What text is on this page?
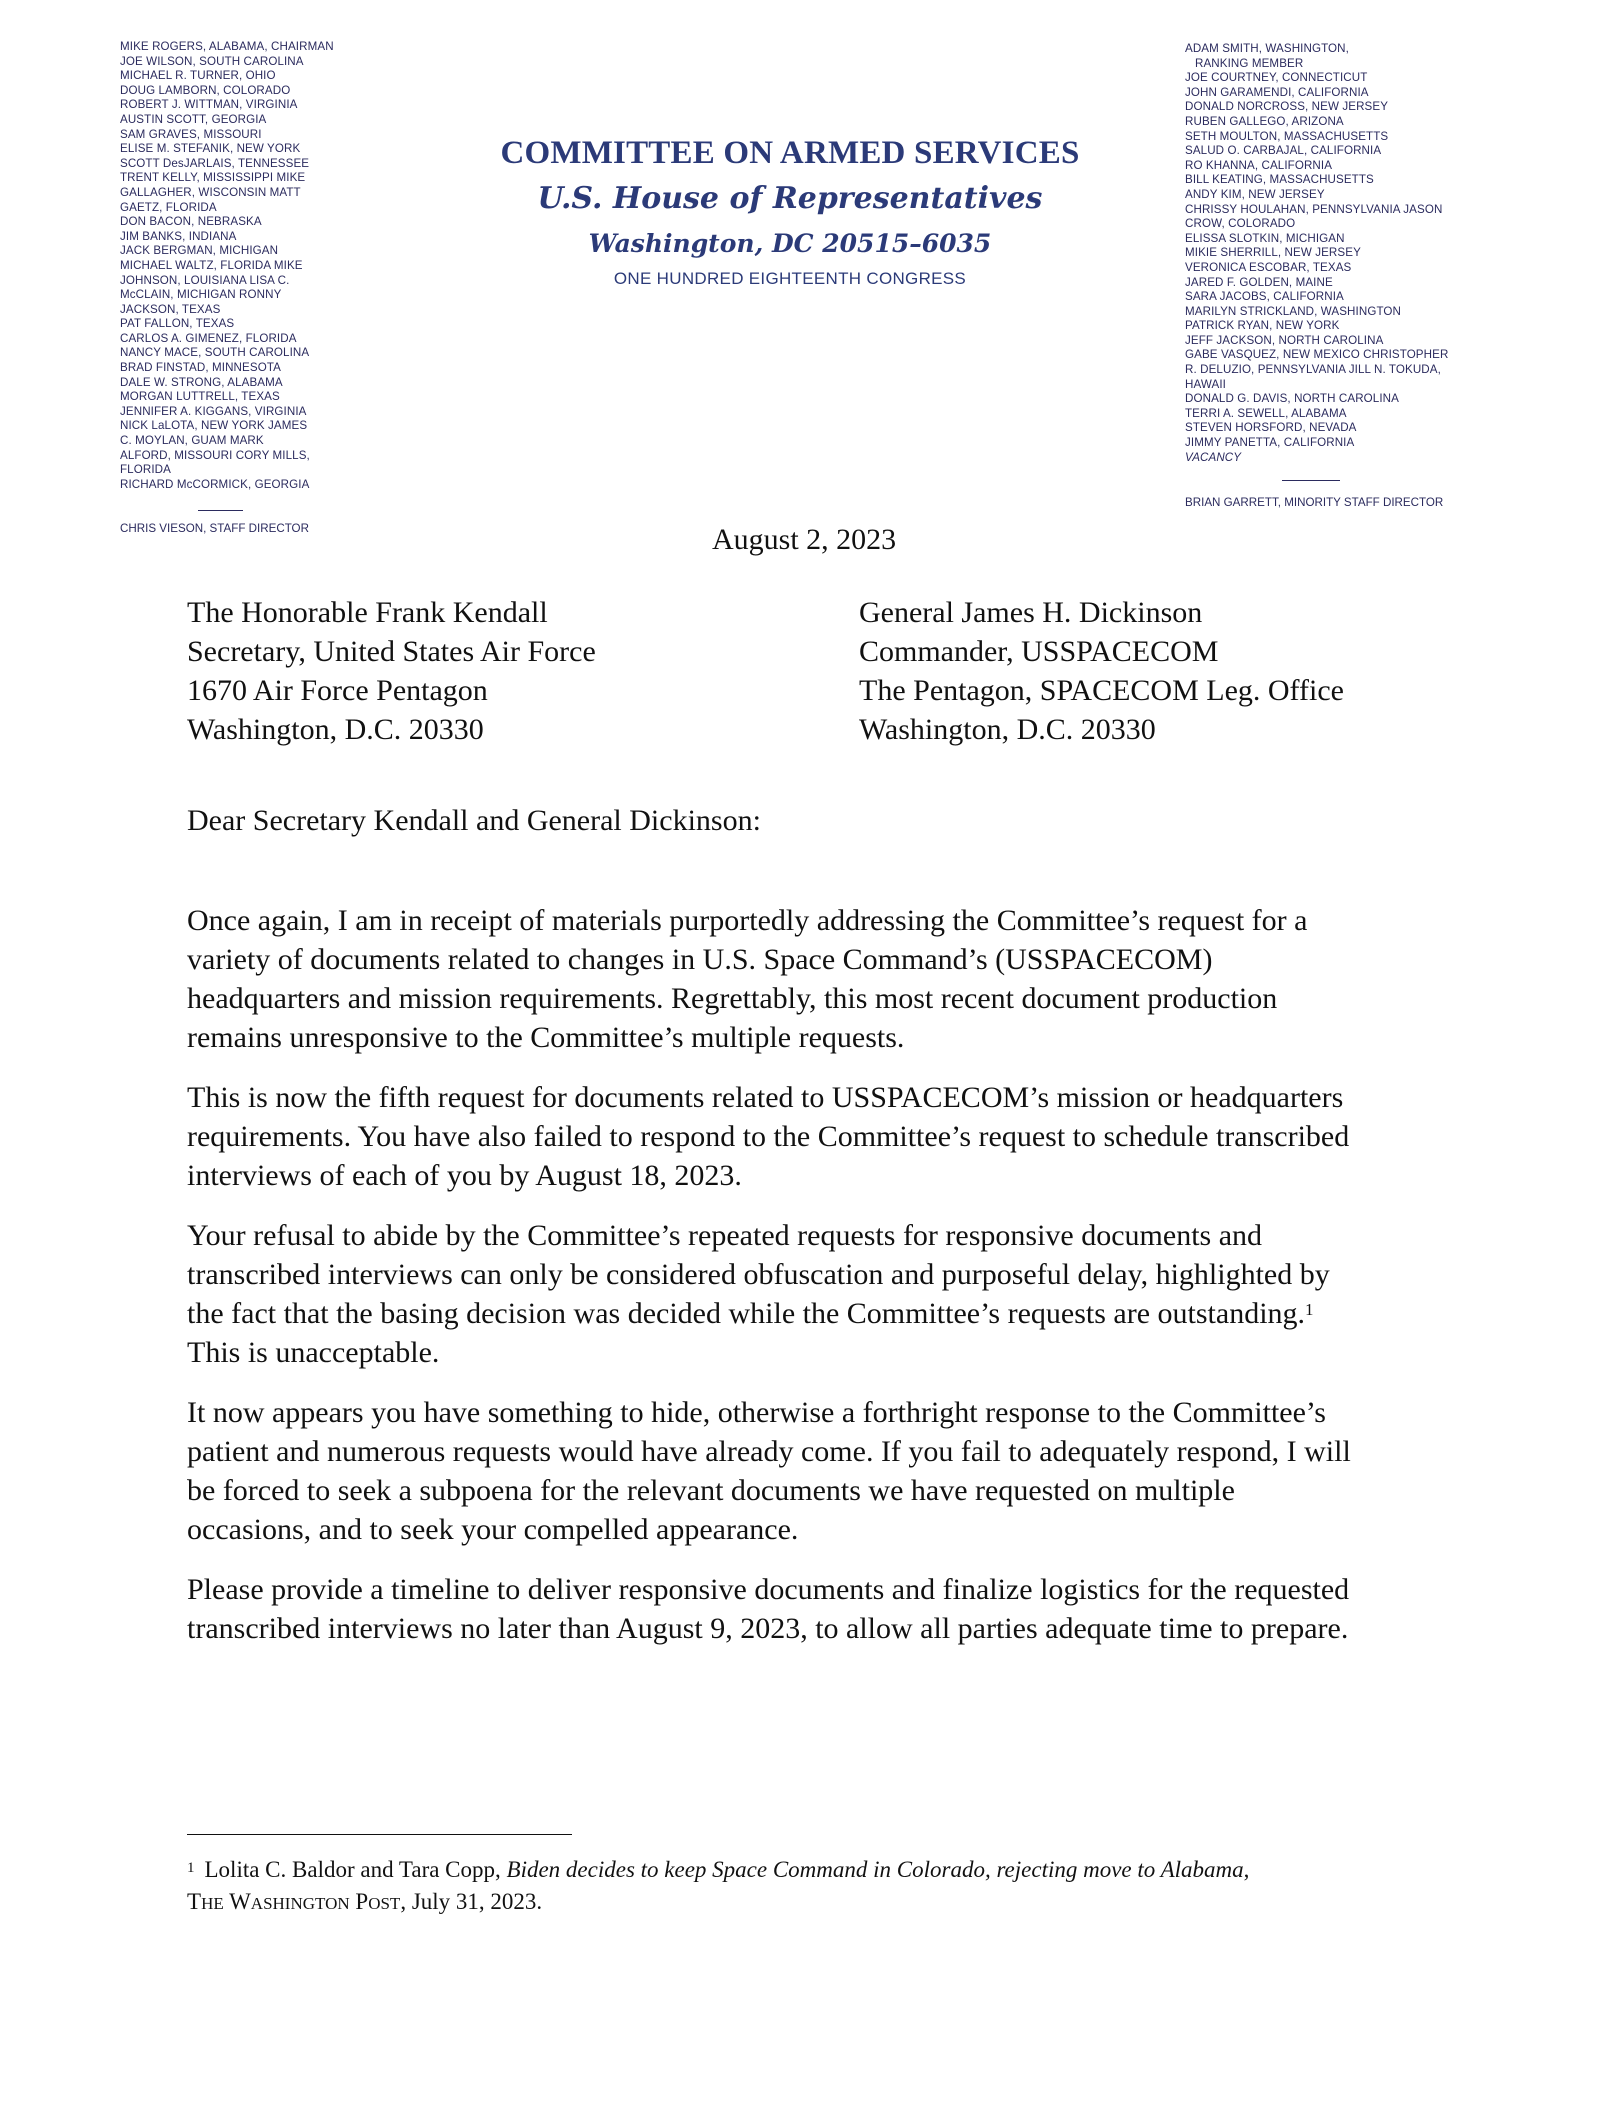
MIKE ROGERS, ALABAMA, CHAIRMAN
JOE WILSON, SOUTH CAROLINA
MICHAEL R. TURNER, OHIO
DOUG LAMBORN, COLORADO
ROBERT J. WITTMAN, VIRGINIA
AUSTIN SCOTT, GEORGIA
SAM GRAVES, MISSOURI
ELISE M. STEFANIK, NEW YORK
SCOTT DesJARLAIS, TENNESSEE
TRENT KELLY, MISSISSIPPI MIKE
GALLAGHER, WISCONSIN MATT
GAETZ, FLORIDA
DON BACON, NEBRASKA
JIM BANKS, INDIANA
JACK BERGMAN, MICHIGAN
MICHAEL WALTZ, FLORIDA MIKE
JOHNSON, LOUISIANA LISA C.
McCLAIN, MICHIGAN RONNY
JACKSON, TEXAS
PAT FALLON, TEXAS
CARLOS A. GIMENEZ, FLORIDA
NANCY MACE, SOUTH CAROLINA
BRAD FINSTAD, MINNESOTA
DALE W. STRONG, ALABAMA
MORGAN LUTTRELL, TEXAS
JENNIFER A. KIGGANS, VIRGINIA
NICK LaLOTA, NEW YORK JAMES
C. MOYLAN, GUAM MARK
ALFORD, MISSOURI CORY MILLS,
FLORIDA
RICHARD McCORMICK, GEORGIA
CHRIS VIESON, STAFF DIRECTOR
COMMITTEE ON ARMED SERVICES
U.S. House of Representatives
Washington, DC 20515–6035
ONE HUNDRED EIGHTEENTH CONGRESS
ADAM SMITH, WASHINGTON,
RANKING MEMBER
JOE COURTNEY, CONNECTICUT
JOHN GARAMENDI, CALIFORNIA
DONALD NORCROSS, NEW JERSEY
RUBEN GALLEGO, ARIZONA
SETH MOULTON, MASSACHUSETTS
SALUD O. CARBAJAL, CALIFORNIA
RO KHANNA, CALIFORNIA
BILL KEATING, MASSACHUSETTS
ANDY KIM, NEW JERSEY
CHRISSY HOULAHAN, PENNSYLVANIA JASON
CROW, COLORADO
ELISSA SLOTKIN, MICHIGAN
MIKIE SHERRILL, NEW JERSEY
VERONICA ESCOBAR, TEXAS
JARED F. GOLDEN, MAINE
SARA JACOBS, CALIFORNIA
MARILYN STRICKLAND, WASHINGTON
PATRICK RYAN, NEW YORK
JEFF JACKSON, NORTH CAROLINA
GABE VASQUEZ, NEW MEXICO CHRISTOPHER
R. DELUZIO, PENNSYLVANIA JILL N. TOKUDA,
HAWAII
DONALD G. DAVIS, NORTH CAROLINA
TERRI A. SEWELL, ALABAMA
STEVEN HORSFORD, NEVADA
JIMMY PANETTA, CALIFORNIA
VACANCY
BRIAN GARRETT, MINORITY STAFF DIRECTOR
August 2, 2023
The Honorable Frank Kendall
Secretary, United States Air Force
1670 Air Force Pentagon
Washington, D.C. 20330
General James H. Dickinson
Commander, USSPACECOM
The Pentagon, SPACECOM Leg. Office
Washington, D.C. 20330
Dear Secretary Kendall and General Dickinson:

Once again, I am in receipt of materials purportedly addressing the Committee’s request for a
variety of documents related to changes in U.S. Space Command’s (USSPACECOM)
headquarters and mission requirements. Regrettably, this most recent document production
remains unresponsive to the Committee’s multiple requests.

This is now the fifth request for documents related to USSPACECOM’s mission or headquarters
requirements. You have also failed to respond to the Committee’s request to schedule transcribed
interviews of each of you by August 18, 2023.

Your refusal to abide by the Committee’s repeated requests for responsive documents and
transcribed interviews can only be considered obfuscation and purposeful delay, highlighted by
the fact that the basing decision was decided while the Committee’s requests are outstanding.$^1$
This is unacceptable.

It now appears you have something to hide, otherwise a forthright response to the Committee’s
patient and numerous requests would have already come. If you fail to adequately respond, I will
be forced to seek a subpoena for the relevant documents we have requested on multiple
occasions, and to seek your compelled appearance.

Please provide a timeline to deliver responsive documents and finalize logistics for the requested
transcribed interviews no later than August 9, 2023, to allow all parties adequate time to prepare.

$^1$ Lolita C. Baldor and Tara Copp, Biden decides to keep Space Command in Colorado, rejecting move to Alabama,
THE WASHINGTON POST, July 31, 2023.
